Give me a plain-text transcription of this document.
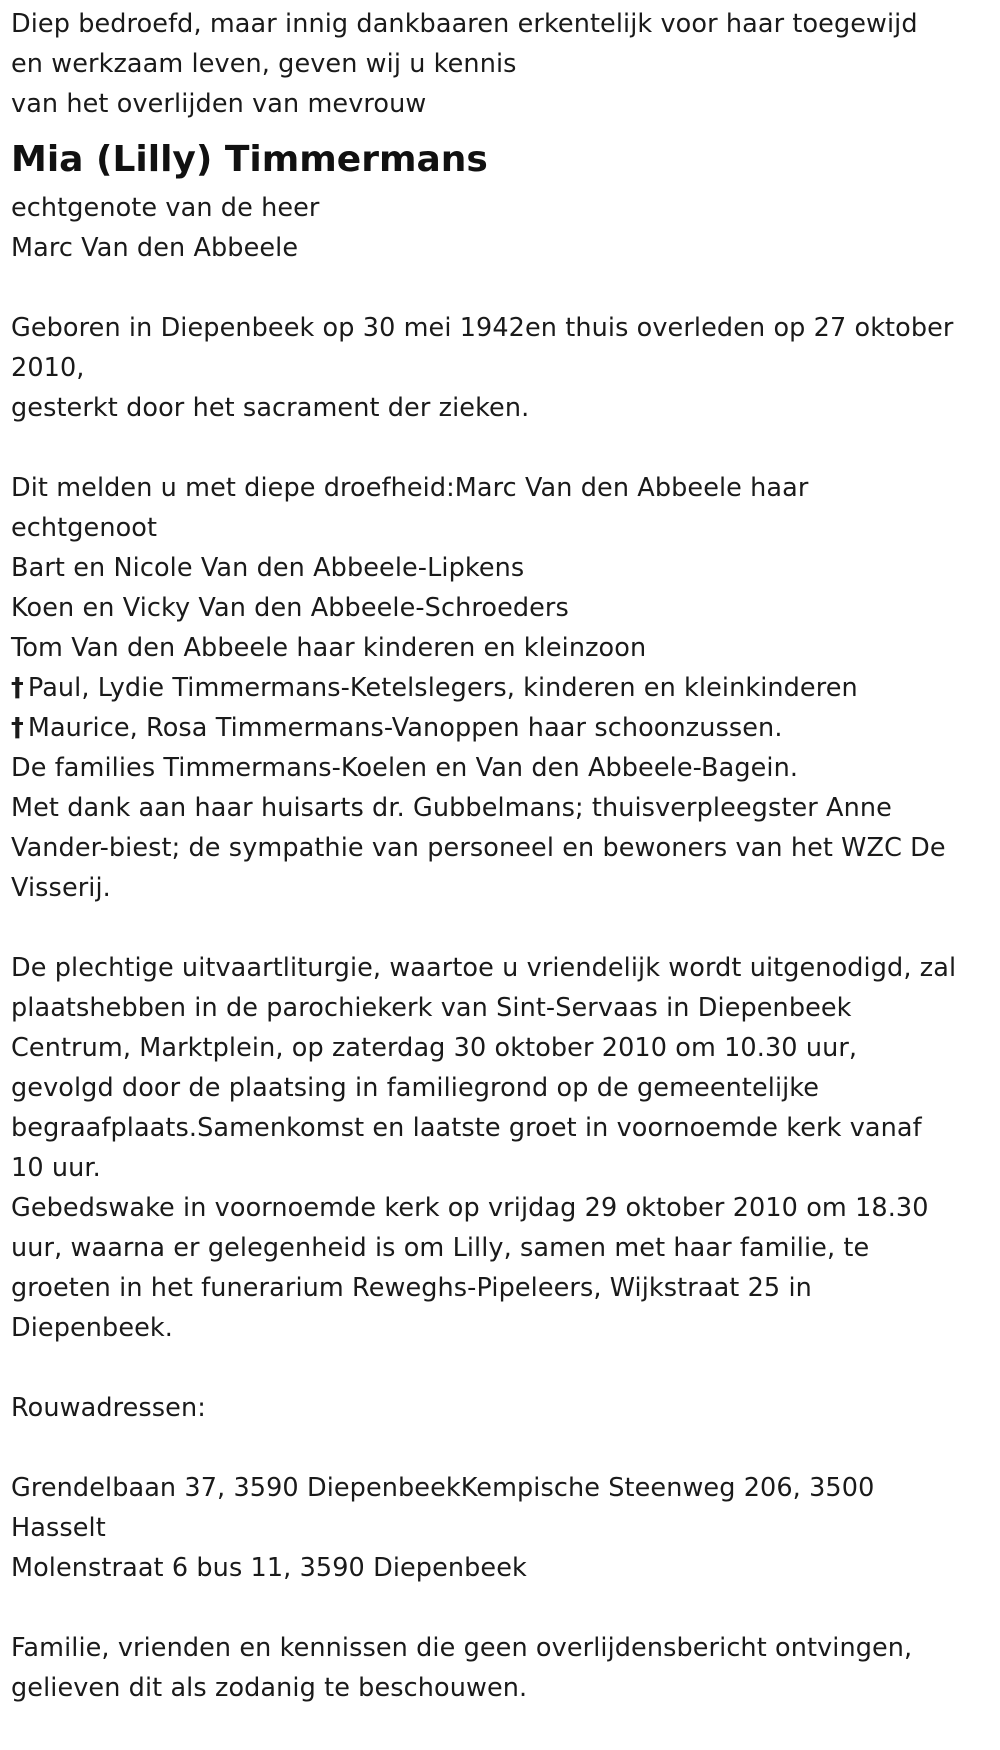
Diep bedroefd, maar innig dankbaaren erkentelijk voor haar toegewijd
en werkzaam leven, geven wij u kennis
van het overlijden van mevrouw
Mia (Lilly) Timmermans
echtgenote van de heer
Marc Van den Abbeele
Geboren in Diepenbeek op 30 mei 1942en thuis overleden op 27 oktober
2010,
gesterkt door het sacrament der zieken.
Dit melden u met diepe droefheid:Marc Van den Abbeele haar
echtgenoot
Bart en Nicole Van den Abbeele-Lipkens
Koen en Vicky Van den Abbeele-Schroeders
Tom Van den Abbeele haar kinderen en kleinzoon
† Paul, Lydie Timmermans-Ketelslegers, kinderen en kleinkinderen
† Maurice, Rosa Timmermans-Vanoppen haar schoonzussen.
De families Timmermans-Koelen en Van den Abbeele-Bagein.
Met dank aan haar huisarts dr. Gubbelmans; thuisverpleegster Anne
Vander-biest; de sympathie van personeel en bewoners van het WZC De
Visserij.
De plechtige uitvaartliturgie, waartoe u vriendelijk wordt uitgenodigd, zal
plaatshebben in de parochiekerk van Sint-Servaas in Diepenbeek
Centrum, Marktplein, op zaterdag 30 oktober 2010 om 10.30 uur,
gevolgd door de plaatsing in familiegrond op de gemeentelijke
begraafplaats.Samenkomst en laatste groet in voornoemde kerk vanaf
10 uur.
Gebedswake in voornoemde kerk op vrijdag 29 oktober 2010 om 18.30
uur, waarna er gelegenheid is om Lilly, samen met haar familie, te
groeten in het funerarium Reweghs-Pipeleers, Wijkstraat 25 in
Diepenbeek.
Rouwadressen:
Grendelbaan 37, 3590 DiepenbeekKempische Steenweg 206, 3500
Hasselt
Molenstraat 6 bus 11, 3590 Diepenbeek
Familie, vrienden en kennissen die geen overlijdensbericht ontvingen,
gelieven dit als zodanig te beschouwen.
